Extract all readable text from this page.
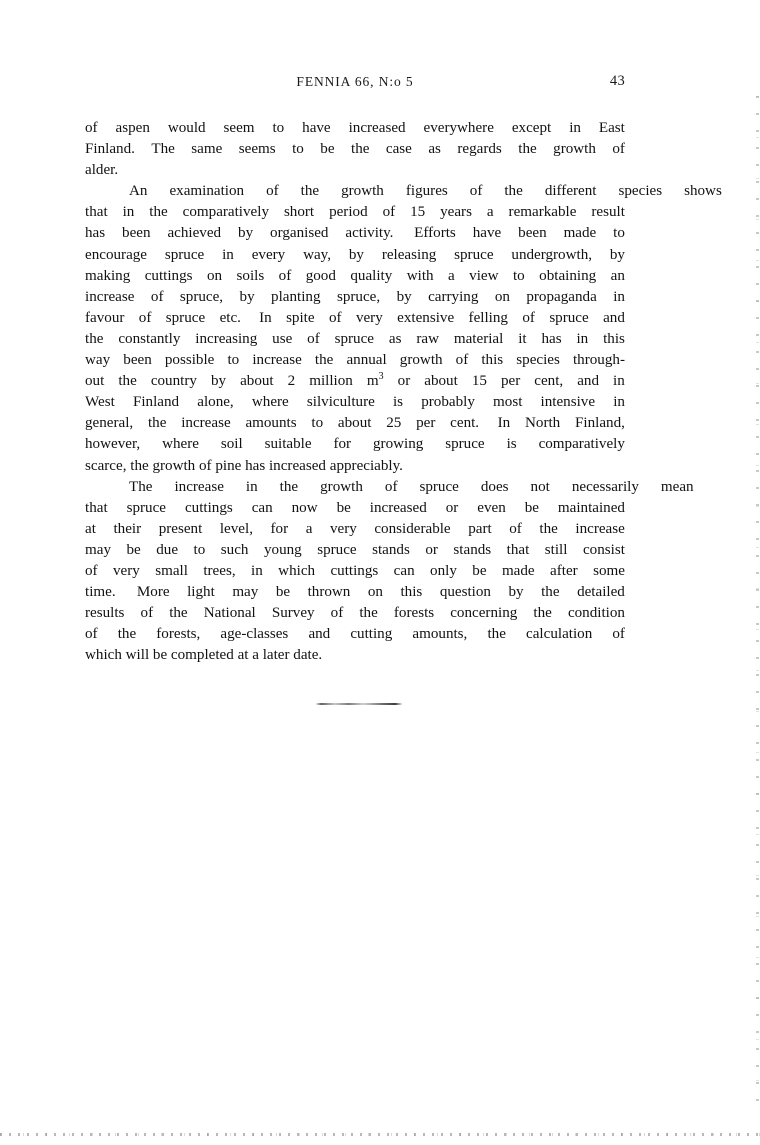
FENNIA 66, N:o 5	43

of aspen would seem to have increased everywhere except in East
Finland. The same seems to be the case as regards the growth of
alder.

An	examination	of	the	growth	figures	of	the	different	species	shows
that in the comparatively short period of 15 years a remarkable result
has been achieved by organised activity. Efforts have been made to
encourage spruce in every way, by releasing spruce undergrowth, by
making cuttings on soils of good quality with a view to obtaining an
increase of spruce, by planting spruce, by carrying on propaganda in
favour of spruce etc. In spite of very extensive felling of spruce and
the constantly increasing use of spruce as raw material it has in this
way been possible to increase the annual growth of this species through-
out the country by about 2 million $m^3$ or about 15 per cent, and in
West Finland alone, where silviculture is probably most intensive in
general, the increase amounts to about 25 per cent. In North Finland,
however, where soil suitable for growing spruce is comparatively
scarce, the growth of pine has increased appreciably.

The	increase	in	the	growth	of	spruce	does	not	necessarily	mean
that spruce cuttings can now be increased or even be maintained
at their present level, for a very considerable part of the increase
may be due to such young spruce stands or stands that still consist
of very small trees, in which cuttings can only be made after some
time. More light may be thrown on this question by the detailed
results of the National Survey of the forests concerning the condition
of the forests, age-classes and cutting amounts, the calculation of
which will be completed at a later date.
